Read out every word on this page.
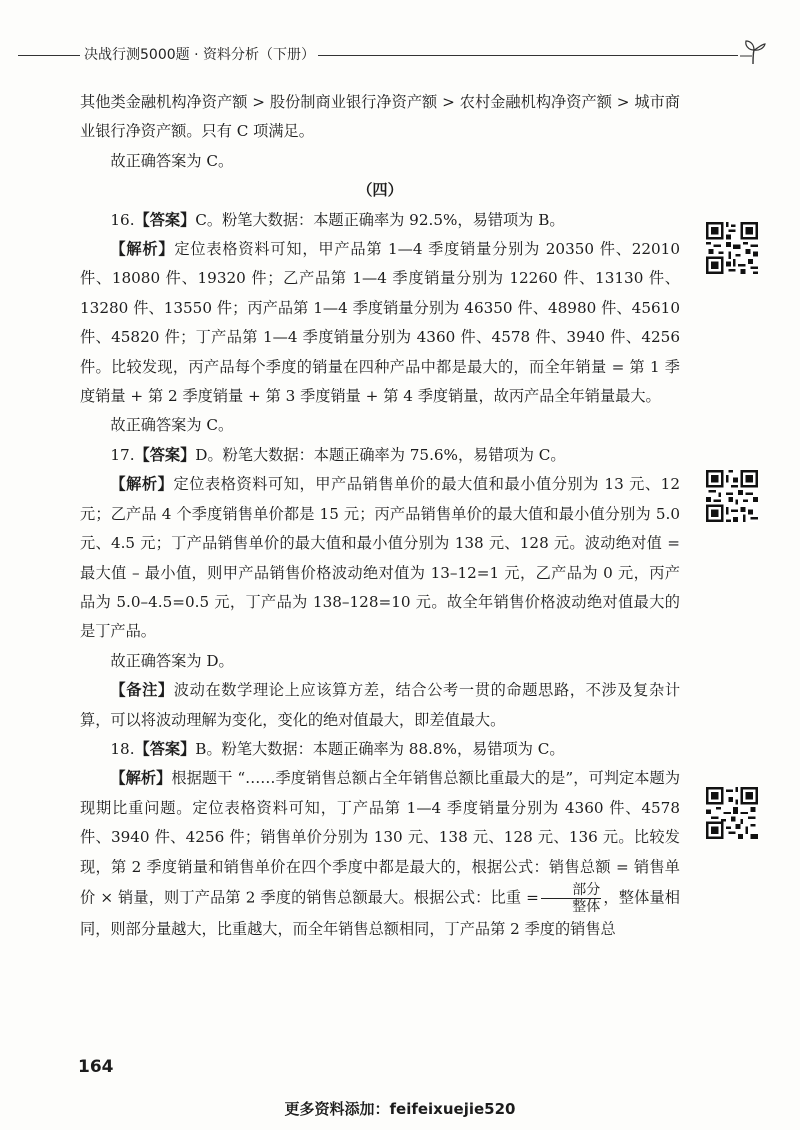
决战行测5000题 · 资料分析（下册）

其他类金融机构净资产额 > 股份制商业银行净资产额 > 农村金融机构净资产额 > 城市商业银行净资产额。只有 C 项满足。

故正确答案为 C。

（四）

16.【答案】C。粉笔大数据：本题正确率为 92.5%，易错项为 B。

【解析】定位表格资料可知，甲产品第 1—4 季度销量分别为 20350 件、22010 件、18080 件、19320 件；乙产品第 1—4 季度销量分别为 12260 件、13130 件、13280 件、13550 件；丙产品第 1—4 季度销量分别为 46350 件、48980 件、45610 件、45820 件；丁产品第 1—4 季度销量分别为 4360 件、4578 件、3940 件、4256 件。比较发现，丙产品每个季度的销量在四种产品中都是最大的，而全年销量 = 第 1 季度销量 + 第 2 季度销量 + 第 3 季度销量 + 第 4 季度销量，故丙产品全年销量最大。

故正确答案为 C。

17.【答案】D。粉笔大数据：本题正确率为 75.6%，易错项为 C。

【解析】定位表格资料可知，甲产品销售单价的最大值和最小值分别为 13 元、12 元；乙产品 4 个季度销售单价都是 15 元；丙产品销售单价的最大值和最小值分别为 5.0 元、4.5 元；丁产品销售单价的最大值和最小值分别为 138 元、128 元。波动绝对值 = 最大值 – 最小值，则甲产品销售价格波动绝对值为 13–12=1 元，乙产品为 0 元，丙产品为 5.0–4.5=0.5 元，丁产品为 138–128=10 元。故全年销售价格波动绝对值最大的是丁产品。

故正确答案为 D。

【备注】波动在数学理论上应该算方差，结合公考一贯的命题思路，不涉及复杂计算，可以将波动理解为变化，变化的绝对值最大，即差值最大。

18.【答案】B。粉笔大数据：本题正确率为 88.8%，易错项为 C。

【解析】根据题干 “……季度销售总额占全年销售总额比重最大的是”，可判定本题为现期比重问题。定位表格资料可知，丁产品第 1—4 季度销量分别为 4360 件、4578 件、3940 件、4256 件；销售单价分别为 130 元、138 元、128 元、136 元。比较发现，第 2 季度销量和销售单价在四个季度中都是最大的，根据公式：销售总额 = 销售单价 × 销量，则丁产品第 2 季度的销售总额最大。根据公式：比重 = $\frac{\text{部分}}{\text{整体}}$ ，整体量相同，则部分量越大，比重越大，而全年销售总额相同，丁产品第 2 季度的销售总

164
更多资料添加：feifeixuejie520
